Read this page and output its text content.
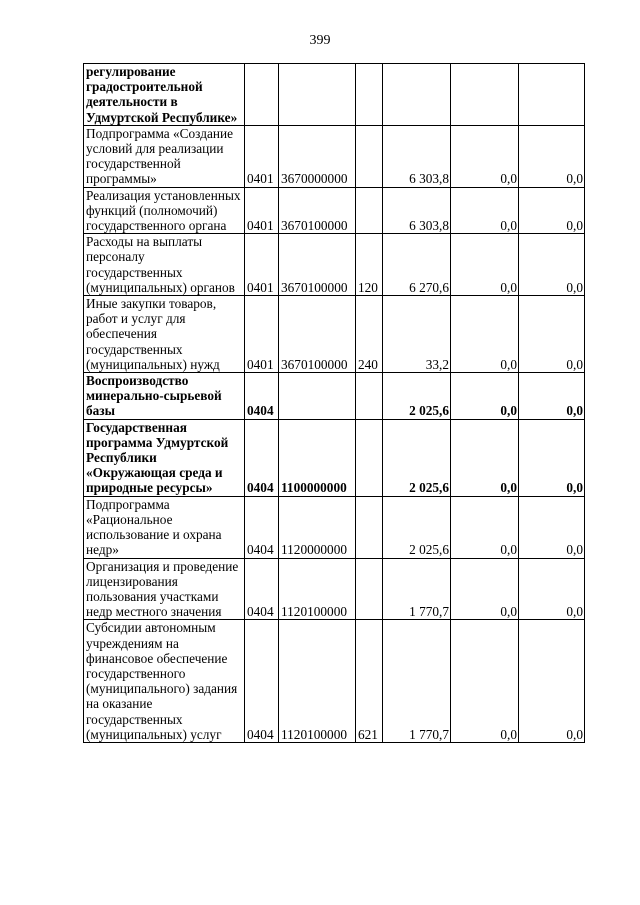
399
регулирование градостроительной деятельности в Удмуртской Республике»						
Подпрограмма «Создание условий для реализации государственной программы»	0401	3670000000		6 303,8	0,0	0,0
Реализация установленных функций (полномочий) государственного органа	0401	3670100000		6 303,8	0,0	0,0
Расходы на выплаты персоналу государственных (муниципальных) органов	0401	3670100000	120	6 270,6	0,0	0,0
Иные закупки товаров, работ и услуг для обеспечения государственных (муниципальных) нужд	0401	3670100000	240	33,2	0,0	0,0
Воспроизводство минерально-сырьевой базы	0404			2 025,6	0,0	0,0
Государственная программа Удмуртской Республики «Окружающая среда и природные ресурсы»	0404	1100000000		2 025,6	0,0	0,0
Подпрограмма «Рациональное использование и охрана недр»	0404	1120000000		2 025,6	0,0	0,0
Организация и проведение лицензирования пользования участками недр местного значения	0404	1120100000		1 770,7	0,0	0,0
Субсидии автономным учреждениям на финансовое обеспечение государственного (муниципального) задания на оказание государственных (муниципальных) услуг	0404	1120100000	621	1 770,7	0,0	0,0
